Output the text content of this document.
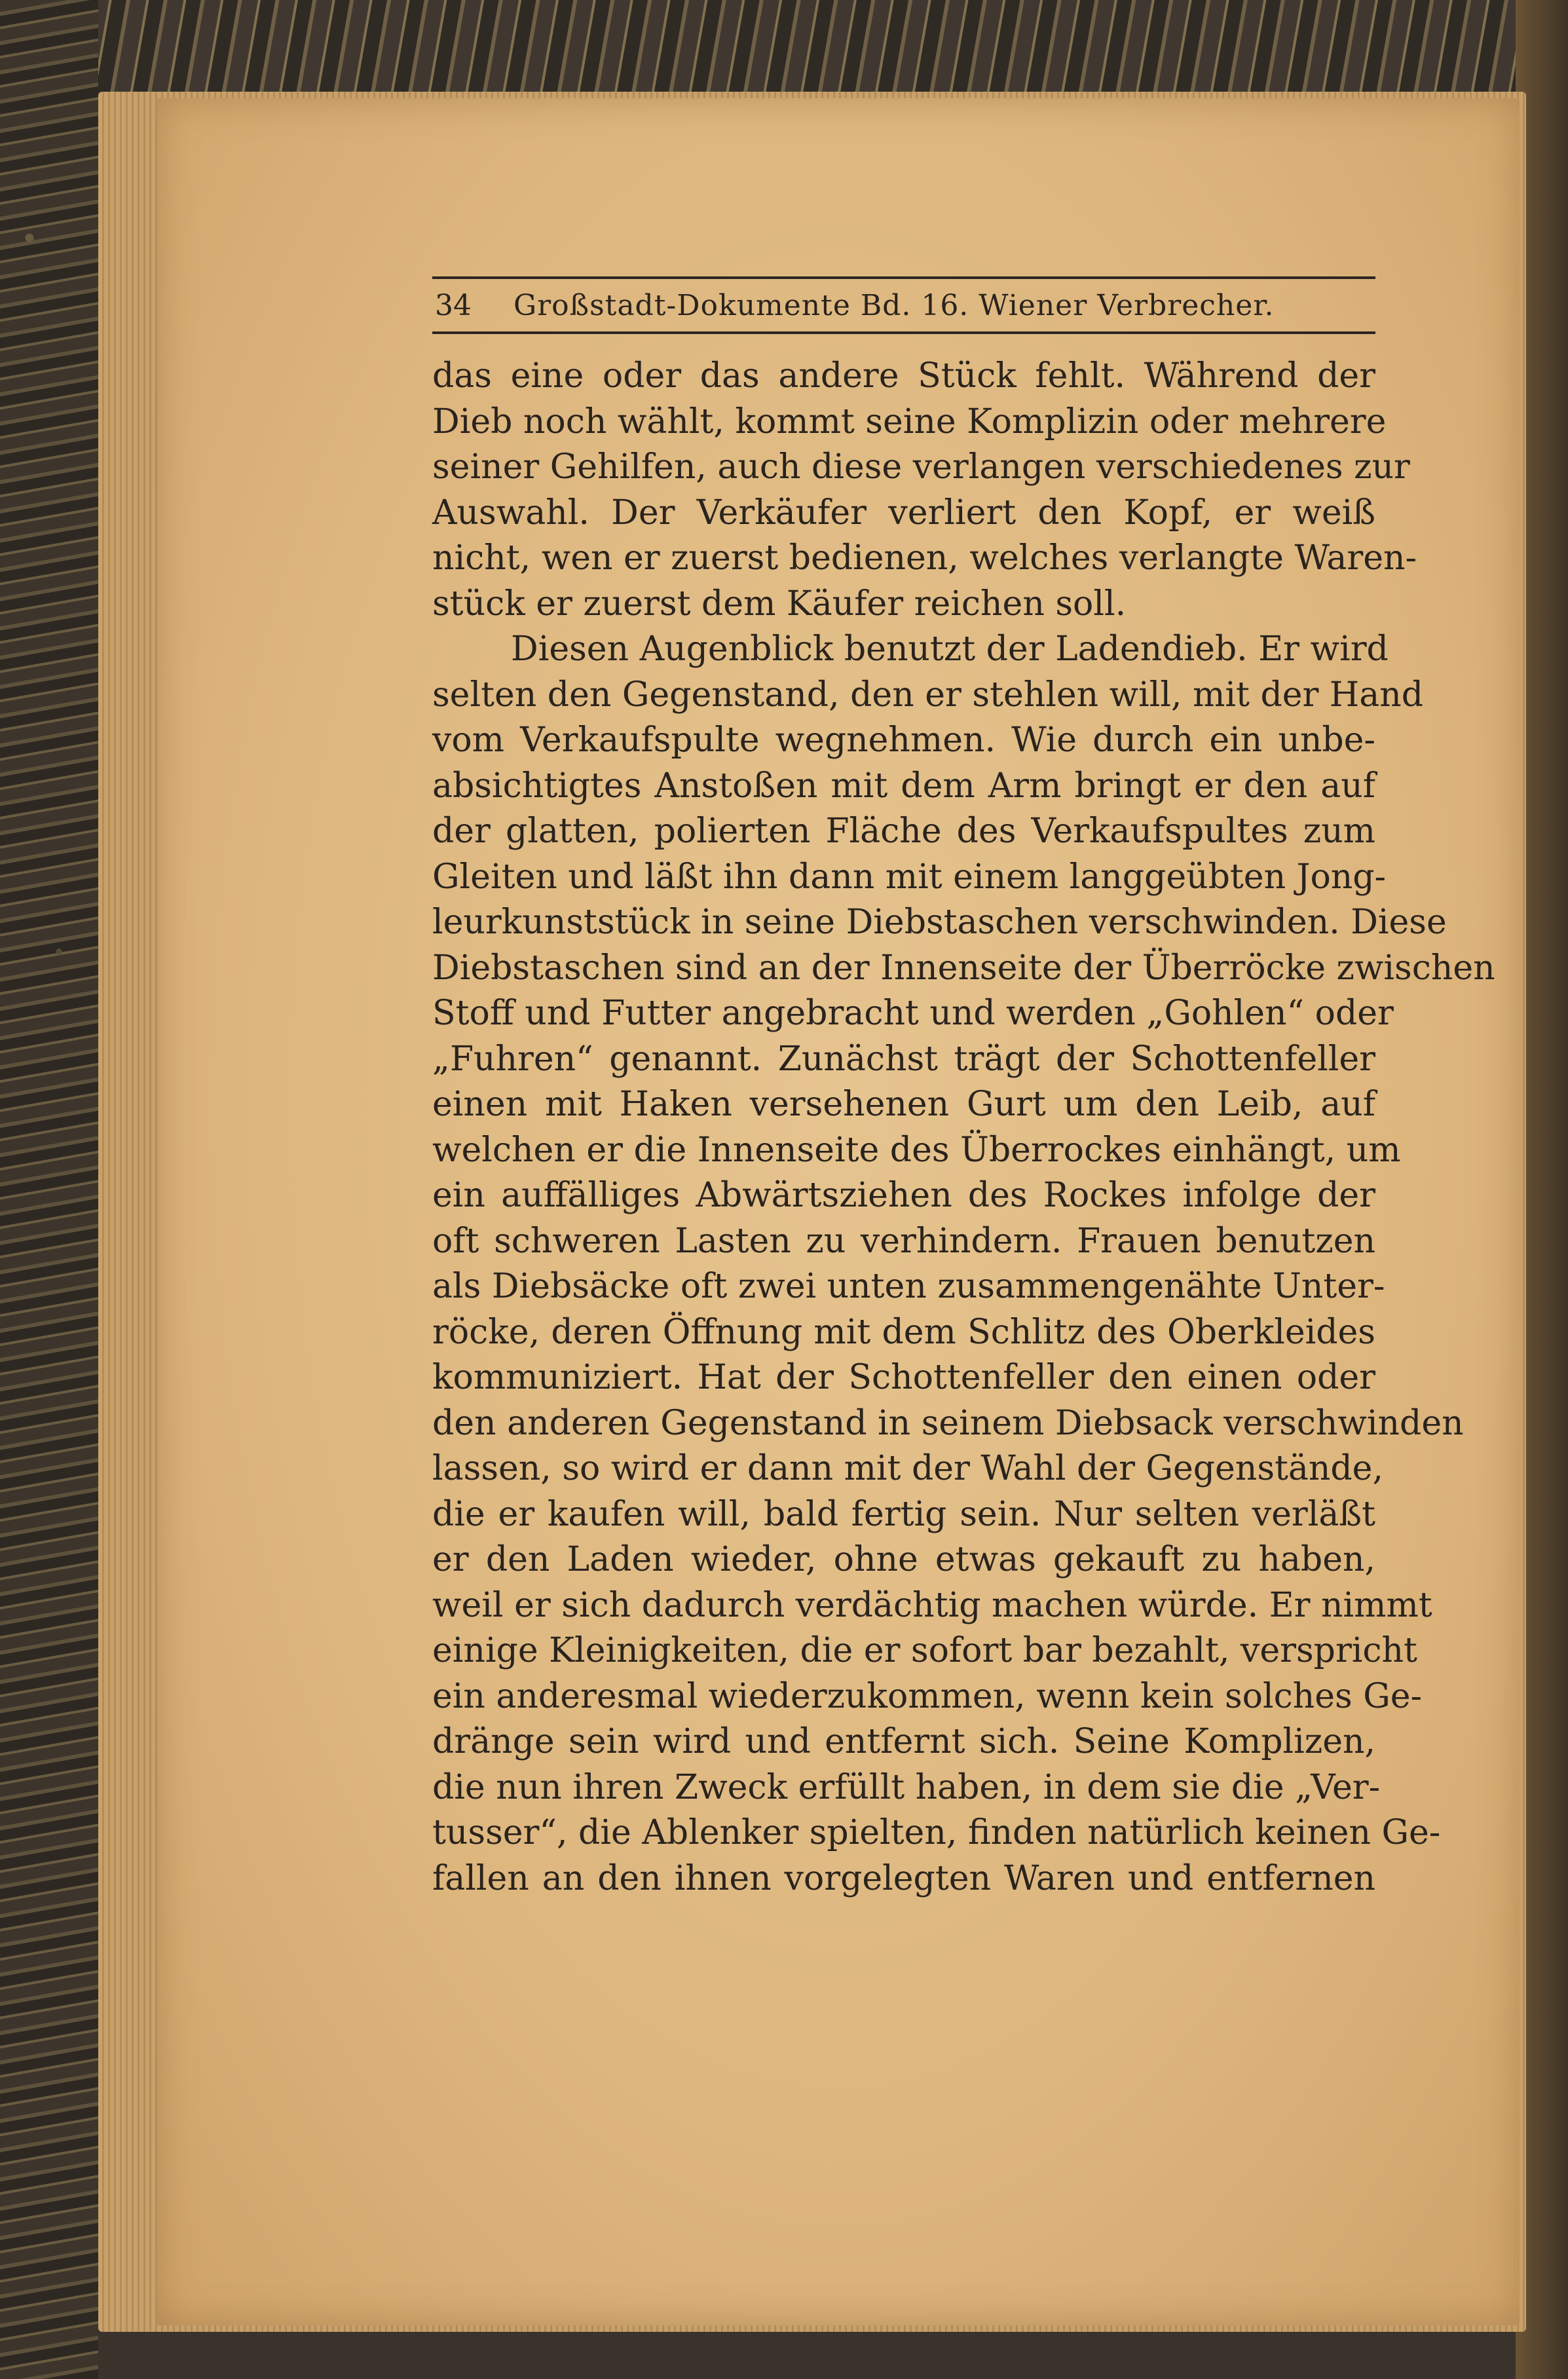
34	Großstadt-Dokumente Bd. 16. Wiener Verbrecher.
das eine oder das andere Stück fehlt. Während der
Dieb noch wählt, kommt seine Komplizin oder mehrere
seiner Gehilfen, auch diese verlangen verschiedenes zur
Auswahl. Der Verkäufer verliert den Kopf, er weiß
nicht, wen er zuerst bedienen, welches verlangte Waren-
stück er zuerst dem Käufer reichen soll.
Diesen Augenblick benutzt der Ladendieb. Er wird
selten den Gegenstand, den er stehlen will, mit der Hand
vom Verkaufspulte wegnehmen. Wie durch ein unbe-
absichtigtes Anstoßen mit dem Arm bringt er den auf
der glatten, polierten Fläche des Verkaufspultes zum
Gleiten und läßt ihn dann mit einem langgeübten Jong-
leurkunststück in seine Diebstaschen verschwinden. Diese
Diebstaschen sind an der Innenseite der Überröcke zwischen
Stoff und Futter angebracht und werden „Gohlen“ oder
„Fuhren“ genannt. Zunächst trägt der Schottenfeller
einen mit Haken versehenen Gurt um den Leib, auf
welchen er die Innenseite des Überrockes einhängt, um
ein auffälliges Abwärtsziehen des Rockes infolge der
oft schweren Lasten zu verhindern. Frauen benutzen
als Diebsäcke oft zwei unten zusammengenähte Unter-
röcke, deren Öffnung mit dem Schlitz des Oberkleides
kommuniziert. Hat der Schottenfeller den einen oder
den anderen Gegenstand in seinem Diebsack verschwinden
lassen, so wird er dann mit der Wahl der Gegenstände,
die er kaufen will, bald fertig sein. Nur selten verläßt
er den Laden wieder, ohne etwas gekauft zu haben,
weil er sich dadurch verdächtig machen würde. Er nimmt
einige Kleinigkeiten, die er sofort bar bezahlt, verspricht
ein anderesmal wiederzukommen, wenn kein solches Ge-
dränge sein wird und entfernt sich. Seine Komplizen,
die nun ihren Zweck erfüllt haben, in dem sie die „Ver-
tusser“, die Ablenker spielten, finden natürlich keinen Ge-
fallen an den ihnen vorgelegten Waren und entfernen
